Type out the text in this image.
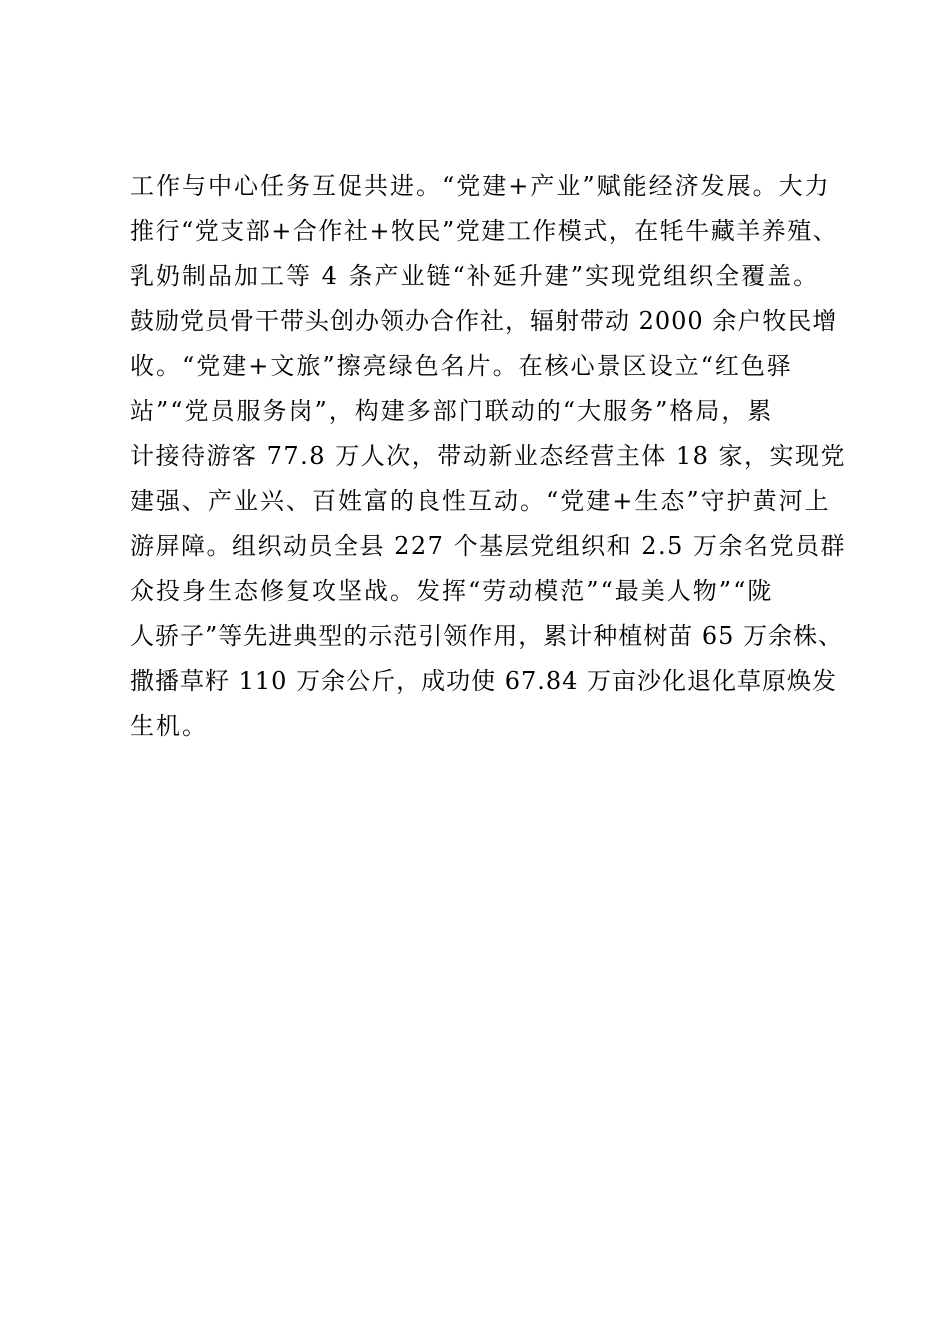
工作与中心任务互促共进。“党建+产业”赋能经济发展。大力
推行“党支部+合作社+牧民”党建工作模式，在牦牛藏羊养殖、
乳奶制品加工等 4 条产业链“补延升建”实现党组织全覆盖。
鼓励党员骨干带头创办领办合作社，辐射带动 2000 余户牧民增
收。“党建+文旅”擦亮绿色名片。在核心景区设立“红色驿
站”“党员服务岗”，构建多部门联动的“大服务”格局，累
计接待游客 77.8 万人次，带动新业态经营主体 18 家，实现党
建强、产业兴、百姓富的良性互动。“党建+生态”守护黄河上
游屏障。组织动员全县 227 个基层党组织和 2.5 万余名党员群
众投身生态修复攻坚战。发挥“劳动模范”“最美人物”“陇
人骄子”等先进典型的示范引领作用，累计种植树苗 65 万余株、
撒播草籽 110 万余公斤，成功使 67.84 万亩沙化退化草原焕发
生机。
